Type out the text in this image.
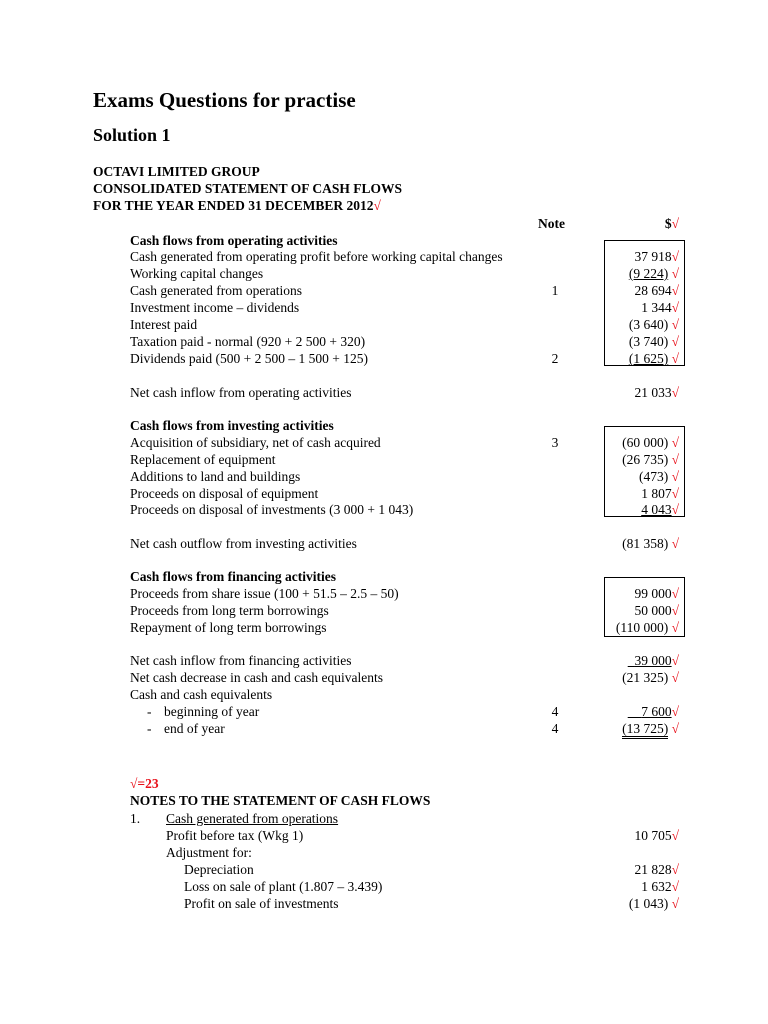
Exams Questions for practise
Solution 1
OCTAVI LIMITED GROUP
CONSOLIDATED STATEMENT OF CASH FLOWS
FOR THE YEAR ENDED 31 DECEMBER 2012√
Note	$√
Cash flows from operating activities
Cash generated from operating profit before working capital changes	37 918√
Working capital changes	(9 224) √
Cash generated from operations	1	28 694√
Investment income – dividends	1 344√
Interest paid	(3 640) √
Taxation paid - normal (920 + 2 500 + 320)	(3 740) √
Dividends paid (500 + 2 500 – 1 500 + 125)	2	(1 625) √
Net cash inflow from operating activities	21 033√
Cash flows from investing activities
Acquisition of subsidiary, net of cash acquired	3	(60 000) √
Replacement of equipment	(26 735) √
Additions to land and buildings	(473) √
Proceeds on disposal of equipment	1 807√
Proceeds on disposal of investments (3 000 + 1 043)	4 043√
Net cash outflow from investing activities	(81 358) √
Cash flows from financing activities
Proceeds from share issue (100 + 51.5 – 2.5 – 50)	99 000√
Proceeds from long term borrowings	50 000√
Repayment of long term borrowings	(110 000) √
Net cash inflow from financing activities	39 000√
Net cash decrease in cash and cash equivalents	(21 325) √
Cash and cash equivalents
- beginning of year	4	7 600√
- end of year	4	(13 725) √
√=23
NOTES TO THE STATEMENT OF CASH FLOWS
1. Cash generated from operations
Profit before tax (Wkg 1)	10 705√
Adjustment for:
Depreciation	21 828√
Loss on sale of plant (1.807 – 3.439)	1 632√
Profit on sale of investments	(1 043) √
